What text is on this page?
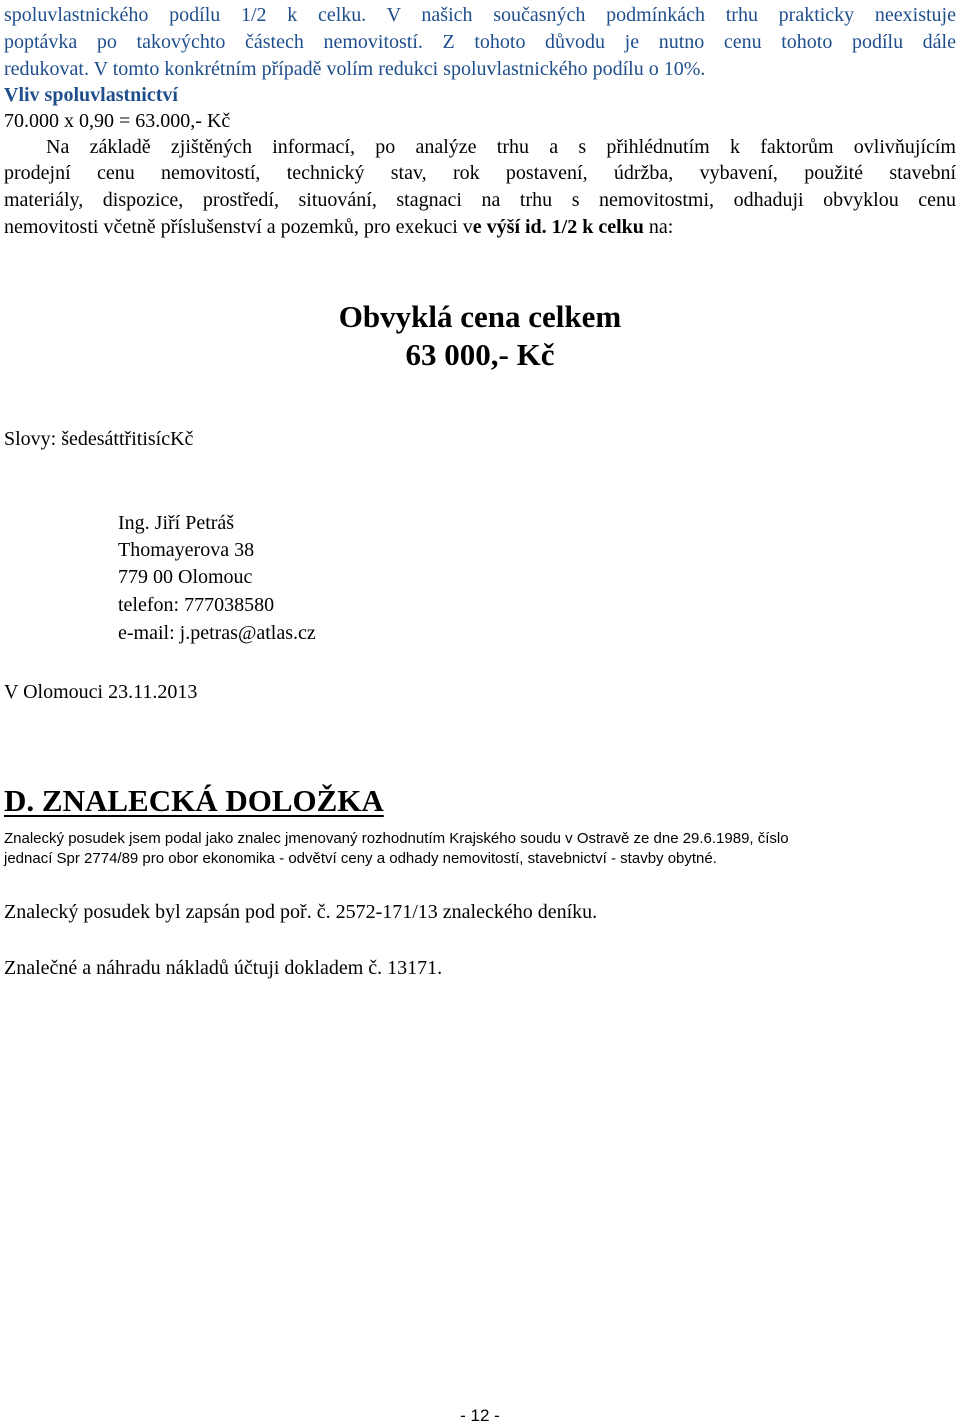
spoluvlastnického podílu 1/2 k celku. V našich současných podmínkách trhu prakticky neexistuje
poptávka po takovýchto částech nemovitostí. Z tohoto důvodu je nutno cenu tohoto podílu dále
redukovat. V tomto konkrétním případě volím redukci spoluvlastnického podílu o 10%.
Vliv spoluvlastnictví
70.000 x 0,90 = 63.000,- Kč
Na základě zjištěných informací, po analýze trhu a s přihlédnutím k faktorům ovlivňujícím
prodejní cenu nemovitostí, technický stav, rok postavení, údržba, vybavení, použité stavební
materiály, dispozice, prostředí, situování, stagnaci na trhu s nemovitostmi, odhaduji obvyklou cenu
nemovitosti včetně příslušenství a pozemků, pro exekuci ve výší id. 1/2 k celku na:
Obvyklá cena celkem
63 000,- Kč
Slovy: šedesáttřitisícKč
Ing. Jiří Petráš
Thomayerova 38
779 00 Olomouc
telefon: 777038580
e-mail: j.petras@atlas.cz
V Olomouci 23.11.2013
D. ZNALECKÁ DOLOŽKA
Znalecký posudek jsem podal jako znalec jmenovaný rozhodnutím Krajského soudu v Ostravě ze dne 29.6.1989, číslo
jednací Spr 2774/89 pro obor ekonomika - odvětví ceny a odhady nemovitostí, stavebnictví - stavby obytné.
Znalecký posudek byl zapsán pod poř. č. 2572-171/13 znaleckého deníku.
Znalečné a náhradu nákladů účtuji dokladem č. 13171.
- 12 -
